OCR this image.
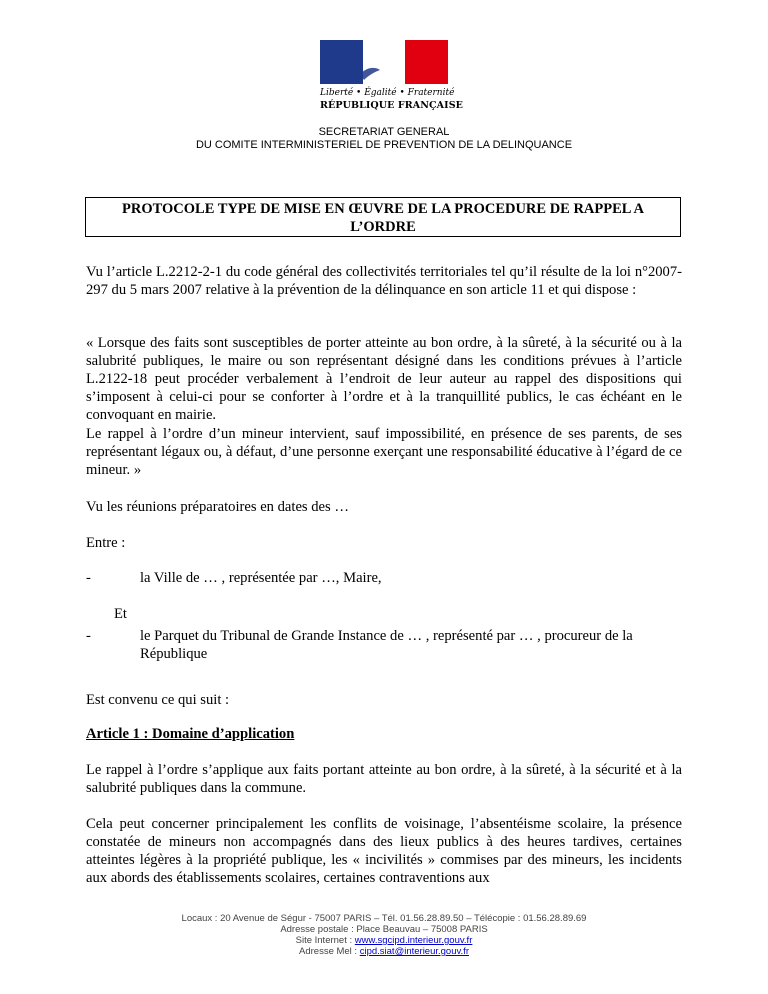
Liberté • Égalité • Fraternité
RÉPUBLIQUE FRANÇAISE
SECRETARIAT GENERAL
DU COMITE INTERMINISTERIEL DE PREVENTION DE LA DELINQUANCE
PROTOCOLE TYPE DE MISE EN ŒUVRE DE LA PROCEDURE DE RAPPEL A
L’ORDRE
Vu l’article L.2212-2-1 du code général des collectivités territoriales tel qu’il résulte de la loi n°2007-297 du 5 mars 2007 relative à la prévention de la délinquance en son article 11 et qui dispose :
« Lorsque des faits sont susceptibles de porter atteinte au bon ordre, à la sûreté, à la sécurité ou à la salubrité publiques, le maire ou son représentant désigné dans les conditions prévues à l’article L.2122-18 peut procéder verbalement à l’endroit de leur auteur au rappel des dispositions qui s’imposent à celui-ci pour se conforter à l’ordre et à la tranquillité publics, le cas échéant en le convoquant en mairie.
Le rappel à l’ordre d’un mineur intervient, sauf impossibilité, en présence de ses parents, de ses représentant légaux ou, à défaut, d’une personne exerçant une responsabilité éducative à l’égard de ce mineur. »
Vu les réunions préparatoires en dates des …
Entre :
-	la Ville de … , représentée par …, Maire,
Et
-	le Parquet du Tribunal de Grande Instance de … , représenté par … , procureur de la République
Est convenu ce qui suit :
Article 1 : Domaine d’application
Le rappel à l’ordre s’applique aux faits portant atteinte au bon ordre, à la sûreté, à la sécurité et à la salubrité publiques dans la commune.
Cela peut concerner principalement les conflits de voisinage, l’absentéisme scolaire, la présence constatée de mineurs non accompagnés dans des lieux publics à des heures tardives, certaines atteintes légères à la propriété publique, les « incivilités » commises par des mineurs, les incidents aux abords des établissements scolaires, certaines contraventions aux
Locaux : 20 Avenue de Ségur - 75007 PARIS – Tél. 01.56.28.89.50 – Télécopie : 01.56.28.89.69
Adresse postale : Place Beauvau – 75008 PARIS
Site Internet : www.sgcipd.interieur.gouv.fr
Adresse Mel : cipd.siat@interieur.gouv.fr
